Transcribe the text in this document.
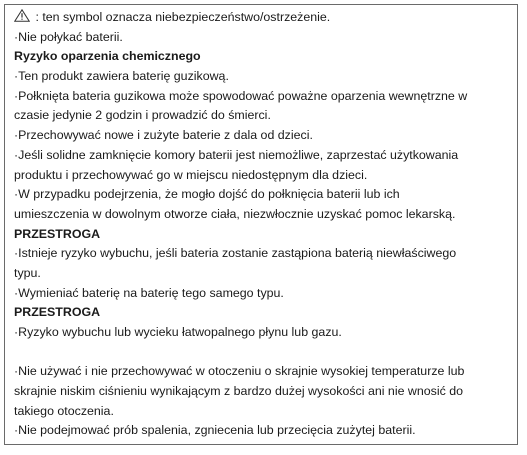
: ten symbol oznacza niebezpieczeństwo/ostrzeżenie.
·Nie połykać baterii.
Ryzyko oparzenia chemicznego
·Ten produkt zawiera baterię guzikową.
·Połknięta bateria guzikowa może spowodować poważne oparzenia wewnętrzne w
czasie jedynie 2 godzin i prowadzić do śmierci.
·Przechowywać nowe i zużyte baterie z dala od dzieci.
·Jeśli solidne zamknięcie komory baterii jest niemożliwe, zaprzestać użytkowania
produktu i przechowywać go w miejscu niedostępnym dla dzieci.
·W przypadku podejrzenia, że mogło dojść do połknięcia baterii lub ich
umieszczenia w dowolnym otworze ciała, niezwłocznie uzyskać pomoc lekarską.
PRZESTROGA
·Istnieje ryzyko wybuchu, jeśli bateria zostanie zastąpiona baterią niewłaściwego
typu.
·Wymieniać baterię na baterię tego samego typu.
PRZESTROGA
·Ryzyko wybuchu lub wycieku łatwopalnego płynu lub gazu.
·Nie używać i nie przechowywać w otoczeniu o skrajnie wysokiej temperaturze lub
skrajnie niskim ciśnieniu wynikającym z bardzo dużej wysokości ani nie wnosić do
takiego otoczenia.
·Nie podejmować prób spalenia, zgniecenia lub przecięcia zużytej baterii.
